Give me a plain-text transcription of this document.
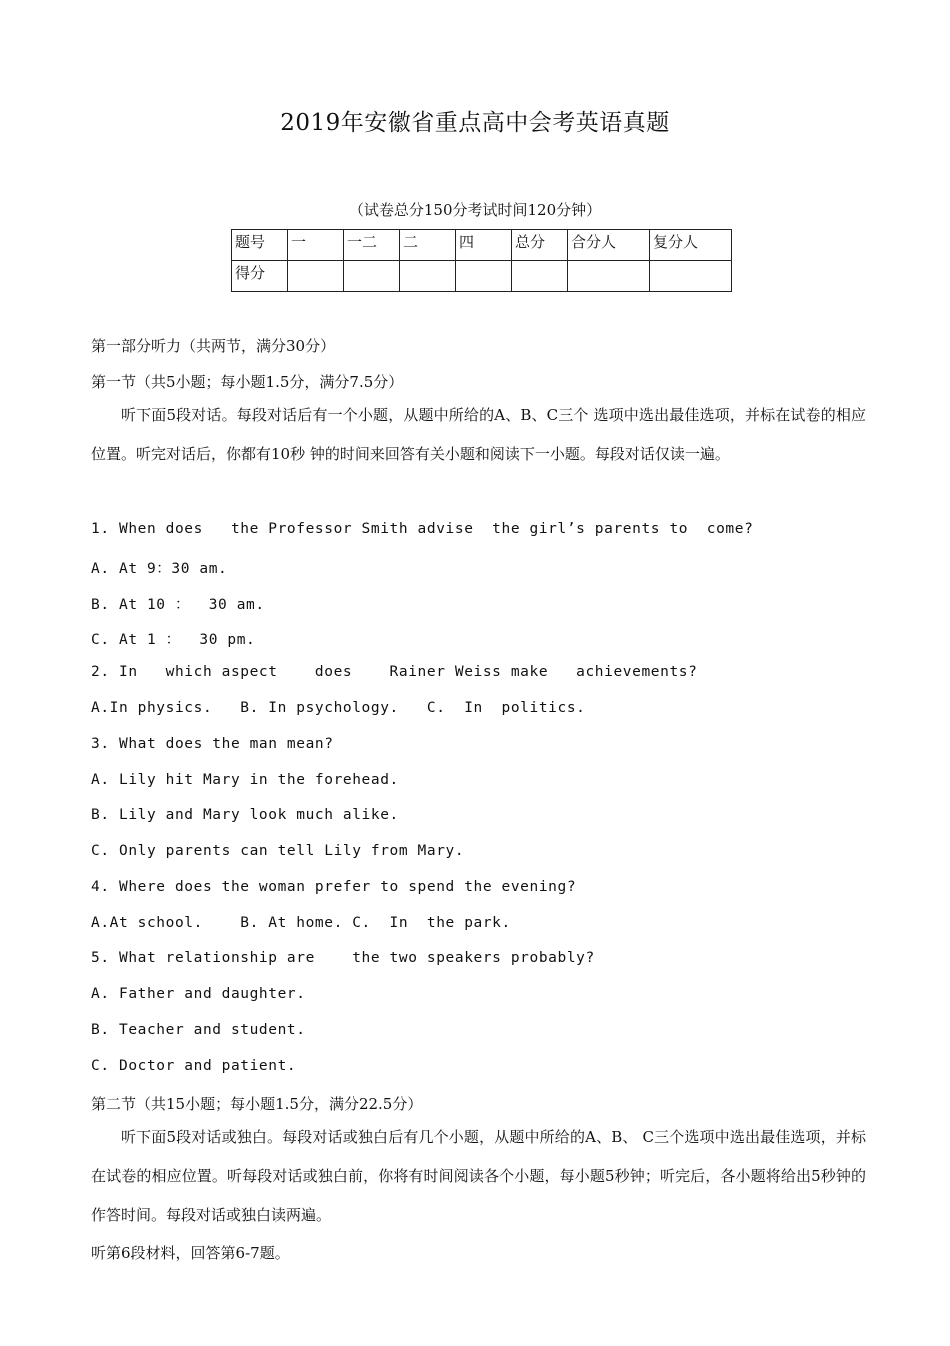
2019年安徽省重点高中会考英语真题
（试卷总分150分考试时间120分钟）
题号	一	一二	二	四	总分	合分人	复分人
得分							
第一部分听力（共两节，满分30分）
第一节（共5小题；每小题1.5分，满分7.5分）
听下面5段对话。每段对话后有一个小题，从题中所给的A、B、C三个 选项中选出最佳选项，并标在试卷的相应位置。听完对话后，你都有10秒 钟的时间来回答有关小题和阅读下一小题。每段对话仅读一遍。
1. When does   the Professor Smith advise  the girl’s parents to  come?
A. At 9：30 am.
B. At 10 ：  30 am.
C. At 1 ：  30 pm.
2. In   which aspect    does    Rainer Weiss make   achievements?
A.In physics.   B. In psychology.   C.  In  politics.
3. What does the man mean?
A. Lily hit Mary in the forehead.
B. Lily and Mary look much alike.
C. Only parents can tell Lily from Mary.
4. Where does the woman prefer to spend the evening?
A.At school.    B. At home. C.  In  the park.
5. What relationship are    the two speakers probably?
A. Father and daughter.
B. Teacher and student.
C. Doctor and patient.
第二节（共15小题；每小题1.5分，满分22.5分）
听下面5段对话或独白。每段对话或独白后有几个小题，从题中所给的A、B、 C三个选项中选出最佳选项，并标在试卷的相应位置。听每段对话或独白前，你将有时间阅读各个小题，每小题5秒钟；听完后，各小题将给出5秒钟的作答时间。每段对话或独白读两遍。
听第6段材料，回答第6-7题。
